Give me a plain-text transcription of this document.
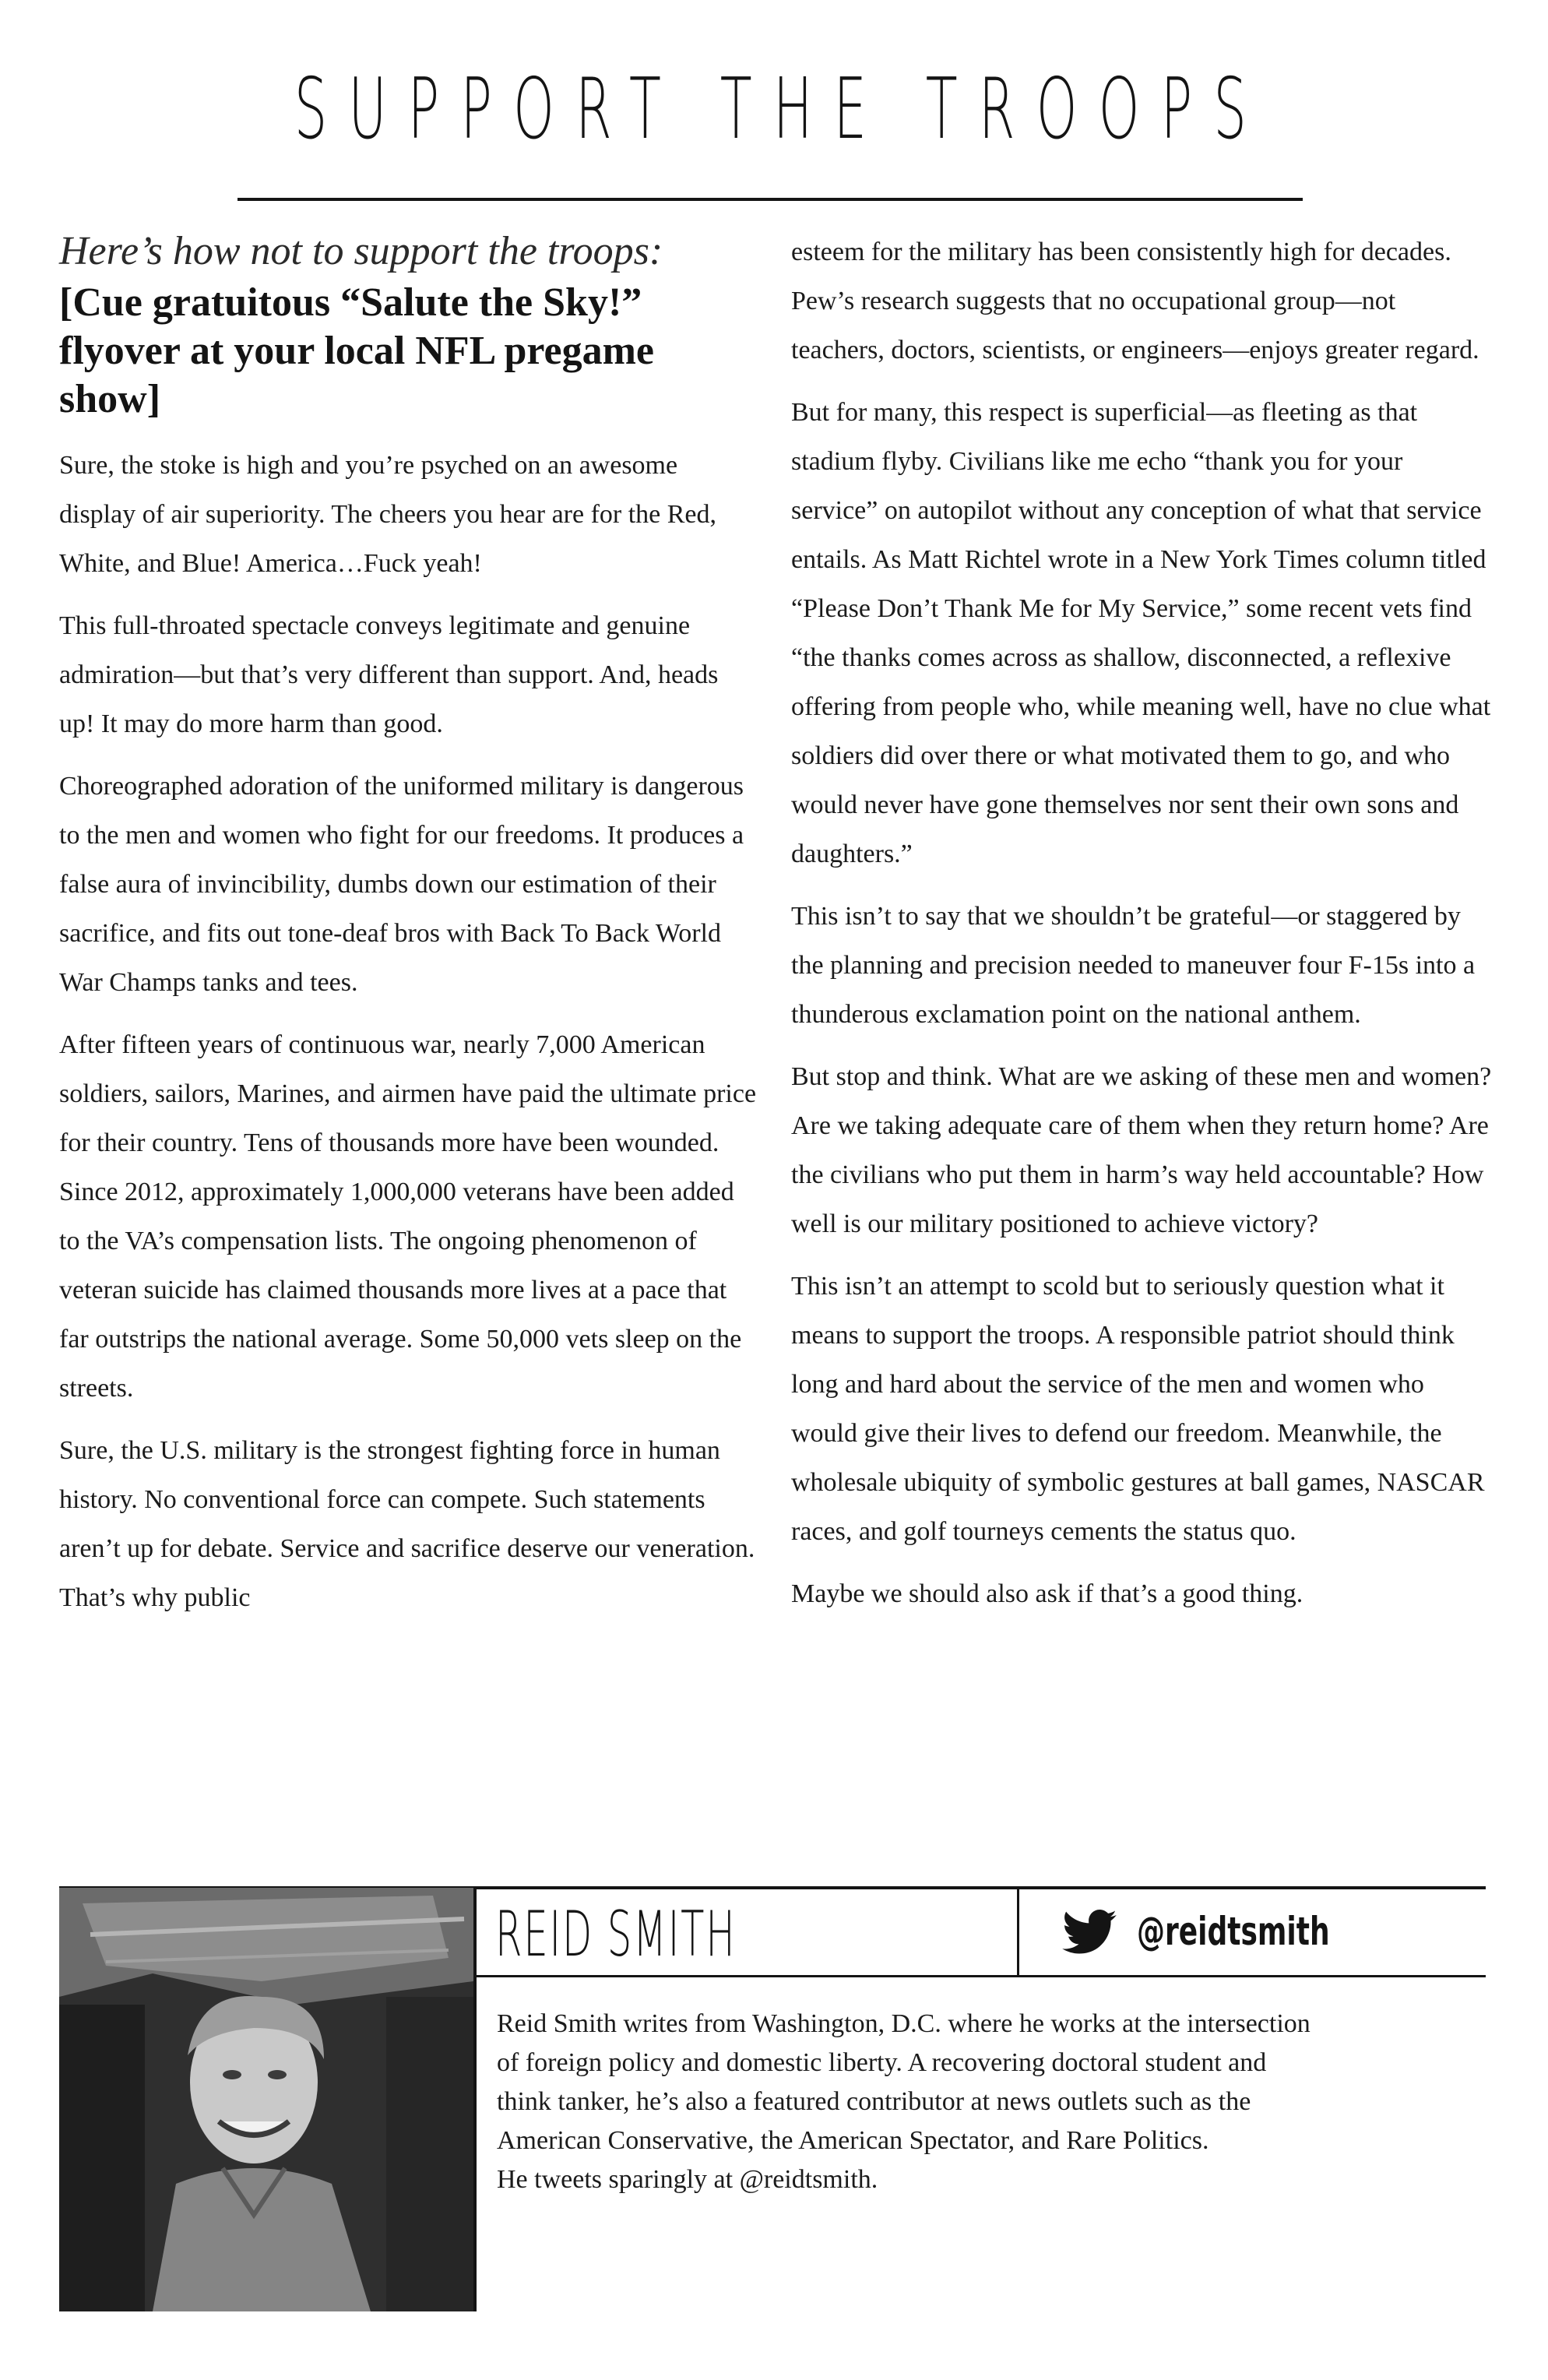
SUPPORT THE TROOPS
Here’s how not to support the troops:
[Cue gratuitous “Salute the Sky!” flyover at your local NFL pregame show]

Sure, the stoke is high and you’re psyched on an awesome display of air superiority. The cheers you hear are for the Red, White, and Blue! America…Fuck yeah!

This full-throated spectacle conveys legitimate and genuine admiration—but that’s very different than support. And, heads up! It may do more harm than good.

Choreographed adoration of the uniformed military is dangerous to the men and women who fight for our freedoms. It produces a false aura of invincibility, dumbs down our estimation of their sacrifice, and fits out tone-deaf bros with Back To Back World War Champs tanks and tees.

After fifteen years of continuous war, nearly 7,000 American soldiers, sailors, Marines, and airmen have paid the ultimate price for their country. Tens of thousands more have been wounded. Since 2012, approximately 1,000,000 veterans have been added to the VA’s compensation lists. The ongoing phenomenon of veteran suicide has claimed thousands more lives at a pace that far outstrips the national average. Some 50,000 vets sleep on the streets.

Sure, the U.S. military is the strongest fighting force in human history. No conventional force can compete. Such statements aren’t up for debate. Service and sacrifice deserve our veneration. That’s why public

esteem for the military has been consistently high for decades. Pew’s research suggests that no occupational group—not teachers, doctors, scientists, or engineers—enjoys greater regard.

But for many, this respect is superficial—as fleeting as that stadium flyby. Civilians like me echo “thank you for your service” on autopilot without any conception of what that service entails. As Matt Richtel wrote in a New York Times column titled “Please Don’t Thank Me for My Service,” some recent vets find “the thanks comes across as shallow, disconnected, a reflexive offering from people who, while meaning well, have no clue what soldiers did over there or what motivated them to go, and who would never have gone themselves nor sent their own sons and daughters.”

This isn’t to say that we shouldn’t be grateful—or staggered by the planning and precision needed to maneuver four F-15s into a thunderous exclamation point on the national anthem.

But stop and think. What are we asking of these men and women? Are we taking adequate care of them when they return home? Are the civilians who put them in harm’s way held accountable? How well is our military positioned to achieve victory?

This isn’t an attempt to scold but to seriously question what it means to support the troops. A responsible patriot should think long and hard about the service of the men and women who would give their lives to defend our freedom. Meanwhile, the wholesale ubiquity of symbolic gestures at ball games, NASCAR races, and golf tourneys cements the status quo.

Maybe we should also ask if that’s a good thing.

REID SMITH	@reidtsmith
Reid Smith writes from Washington, D.C. where he works at the intersection
of foreign policy and domestic liberty. A recovering doctoral student and
think tanker, he’s also a featured contributor at news outlets such as the
American Conservative, the American Spectator, and Rare Politics.
He tweets sparingly at @reidtsmith.
